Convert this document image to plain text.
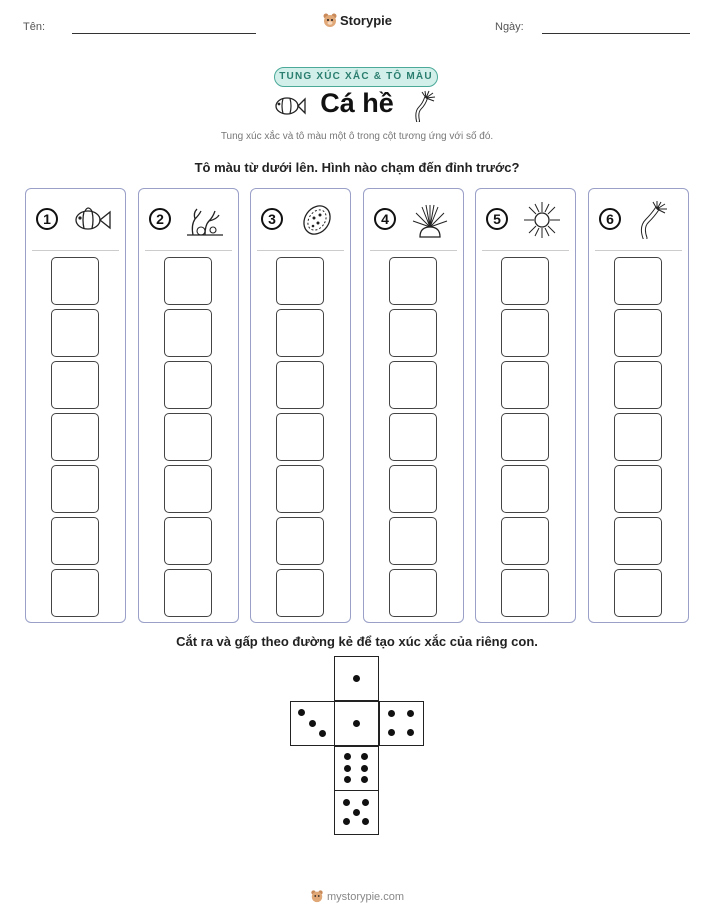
Tên:	Storypie	Ngày:
TUNG XÚC XẮC & TÔ MÀU
Cá hề
Tung xúc xắc và tô màu một ô trong cột tương ứng với số đó.
Tô màu từ dưới lên. Hình nào chạm đến đỉnh trước?
1	2	3	4	5	6
Cắt ra và gấp theo đường kẻ để tạo xúc xắc của riêng con.
mystorypie.com
